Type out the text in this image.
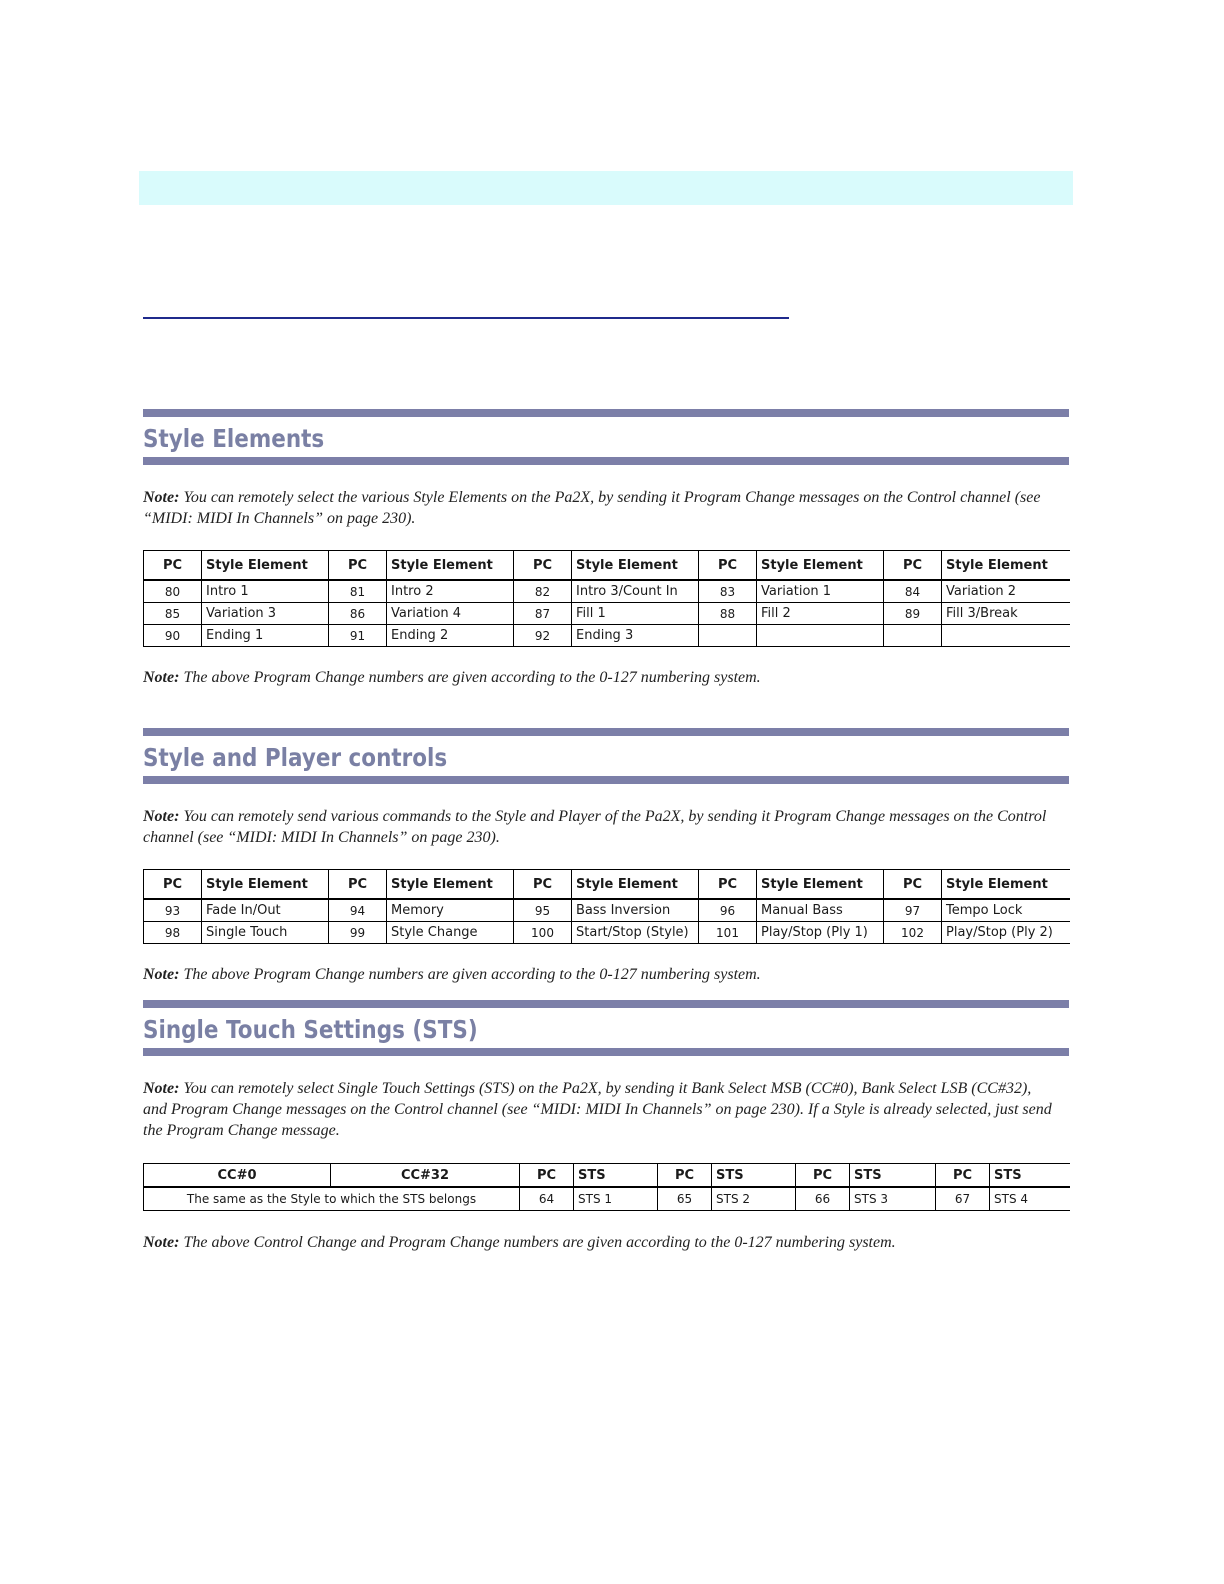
Style Elements
Note: You can remotely select the various Style Elements on the Pa2X, by sending it Program Change messages on the Control channel (see
“MIDI: MIDI In Channels” on page 230).
PC	Style Element	PC	Style Element	PC	Style Element	PC	Style Element	PC	Style Element
80	Intro 1	81	Intro 2	82	Intro 3/Count In	83	Variation 1	84	Variation 2
85	Variation 3	86	Variation 4	87	Fill 1	88	Fill 2	89	Fill 3/Break
90	Ending 1	91	Ending 2	92	Ending 3				
Note: The above Program Change numbers are given according to the 0-127 numbering system.
Style and Player controls
Note: You can remotely send various commands to the Style and Player of the Pa2X, by sending it Program Change messages on the Control
channel (see “MIDI: MIDI In Channels” on page 230).
PC	Style Element	PC	Style Element	PC	Style Element	PC	Style Element	PC	Style Element
93	Fade In/Out	94	Memory	95	Bass Inversion	96	Manual Bass	97	Tempo Lock
98	Single Touch	99	Style Change	100	Start/Stop (Style)	101	Play/Stop (Ply 1)	102	Play/Stop (Ply 2)
Note: The above Program Change numbers are given according to the 0-127 numbering system.
Single Touch Settings (STS)
Note: You can remotely select Single Touch Settings (STS) on the Pa2X, by sending it Bank Select MSB (CC#0), Bank Select LSB (CC#32),
and Program Change messages on the Control channel (see “MIDI: MIDI In Channels” on page 230). If a Style is already selected, just send
the Program Change message.
CC#0	CC#32	PC	STS	PC	STS	PC	STS	PC	STS
The same as the Style to which the STS belongs		64	STS 1	65	STS 2	66	STS 3	67	STS 4
Note: The above Control Change and Program Change numbers are given according to the 0-127 numbering system.
